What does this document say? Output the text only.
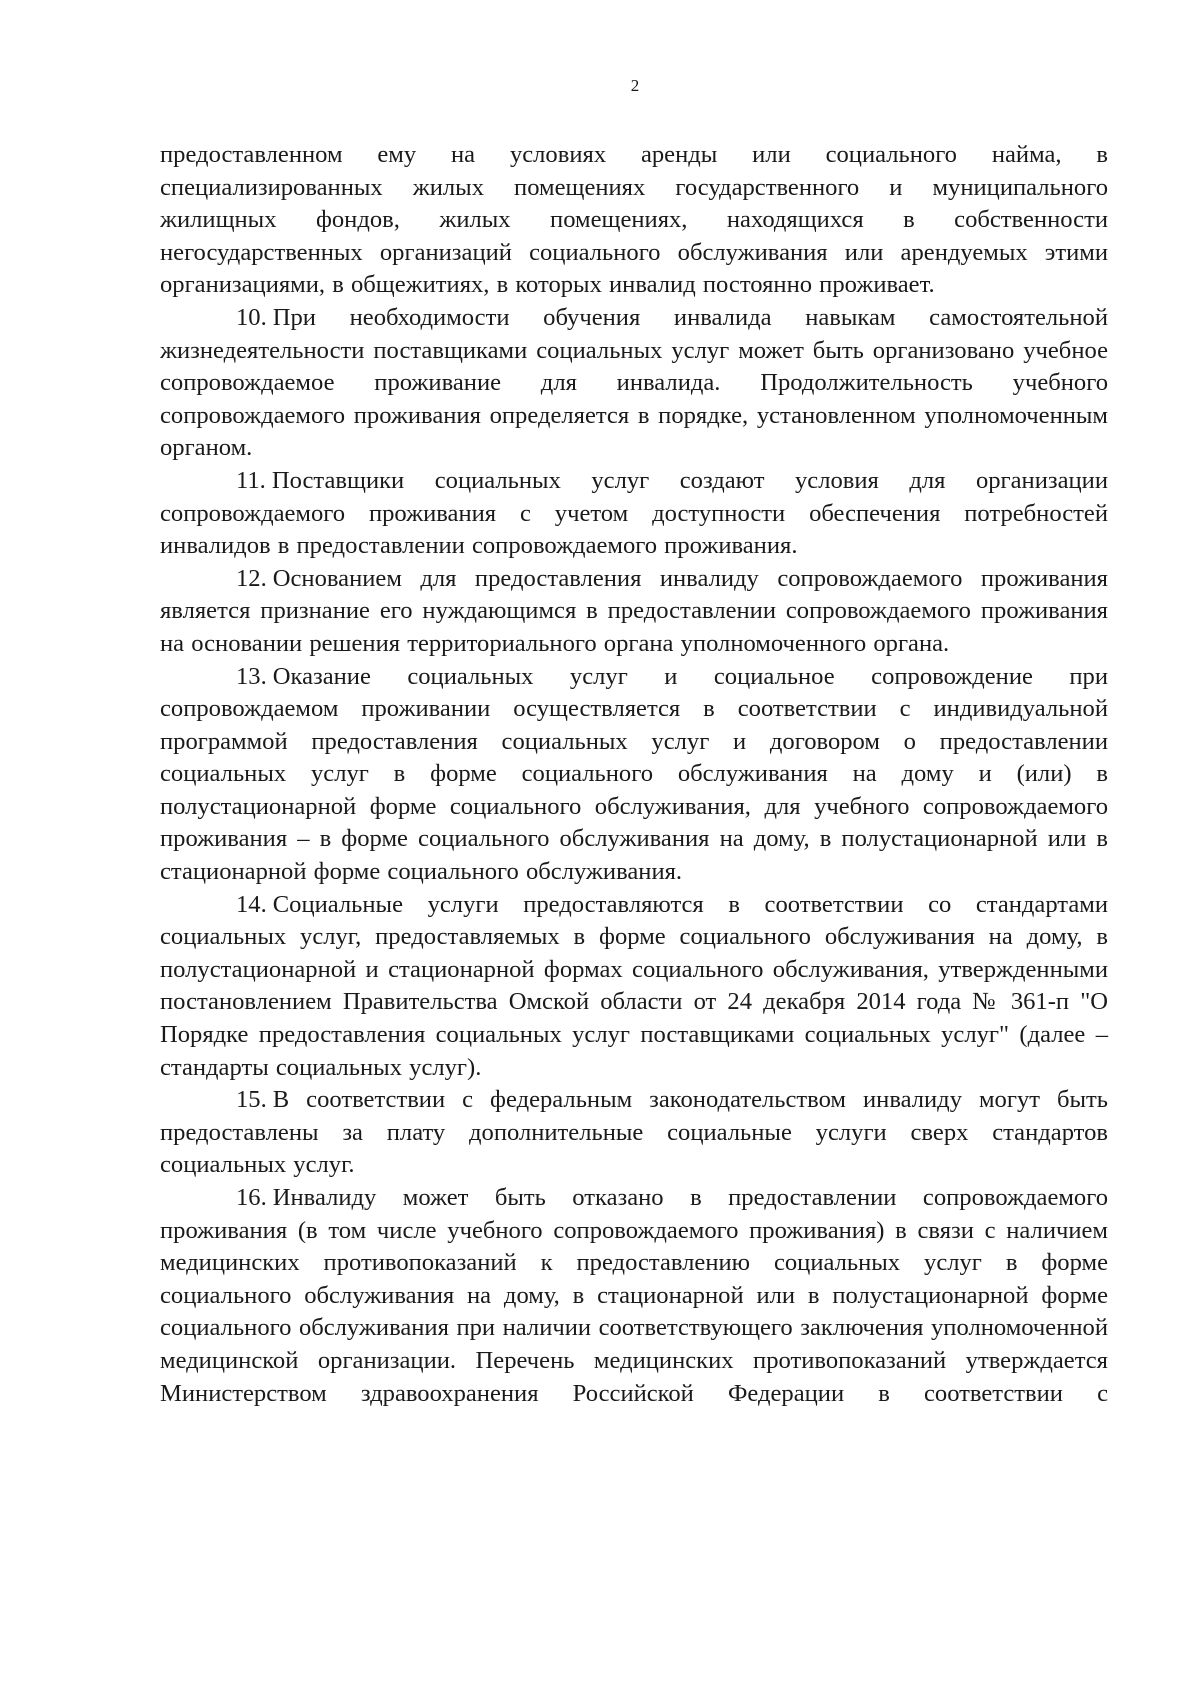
2

предоставленном ему на условиях аренды или социального найма, в специализированных жилых помещениях государственного и муниципального жилищных фондов, жилых помещениях, находящихся в собственности негосударственных организаций социального обслуживания или арендуемых этими организациями, в общежитиях, в которых инвалид постоянно проживает.

10. При необходимости обучения инвалида навыкам самостоятельной жизнедеятельности поставщиками социальных услуг может быть организовано учебное сопровождаемое проживание для инвалида. Продолжительность учебного сопровождаемого проживания определяется в порядке, установленном уполномоченным органом.

11. Поставщики социальных услуг создают условия для организации сопровождаемого проживания с учетом доступности обеспечения потребностей инвалидов в предоставлении сопровождаемого проживания.

12. Основанием для предоставления инвалиду сопровождаемого проживания является признание его нуждающимся в предоставлении сопровождаемого проживания на основании решения территориального органа уполномоченного органа.

13. Оказание социальных услуг и социальное сопровождение при сопровождаемом проживании осуществляется в соответствии с индивидуальной программой предоставления социальных услуг и договором о предоставлении социальных услуг в форме социального обслуживания на дому и (или) в полустационарной форме социального обслуживания, для учебного сопровождаемого проживания – в форме социального обслуживания на дому, в полустационарной или в стационарной форме социального обслуживания.

14. Социальные услуги предоставляются в соответствии со стандартами социальных услуг, предоставляемых в форме социального обслуживания на дому, в полустационарной и стационарной формах социального обслуживания, утвержденными постановлением Правительства Омской области от 24 декабря 2014 года № 361-п "О Порядке предоставления социальных услуг поставщиками социальных услуг" (далее – стандарты социальных услуг).

15. В соответствии с федеральным законодательством инвалиду могут быть предоставлены за плату дополнительные социальные услуги сверх стандартов социальных услуг.

16. Инвалиду может быть отказано в предоставлении сопровождаемого проживания (в том числе учебного сопровождаемого проживания) в связи с наличием медицинских противопоказаний к предоставлению социальных услуг в форме социального обслуживания на дому, в стационарной или в полустационарной форме социального обслуживания при наличии соответствующего заключения уполномоченной медицинской организации. Перечень медицинских противопоказаний утверждается Министерством здравоохранения Российской Федерации в соответствии с
